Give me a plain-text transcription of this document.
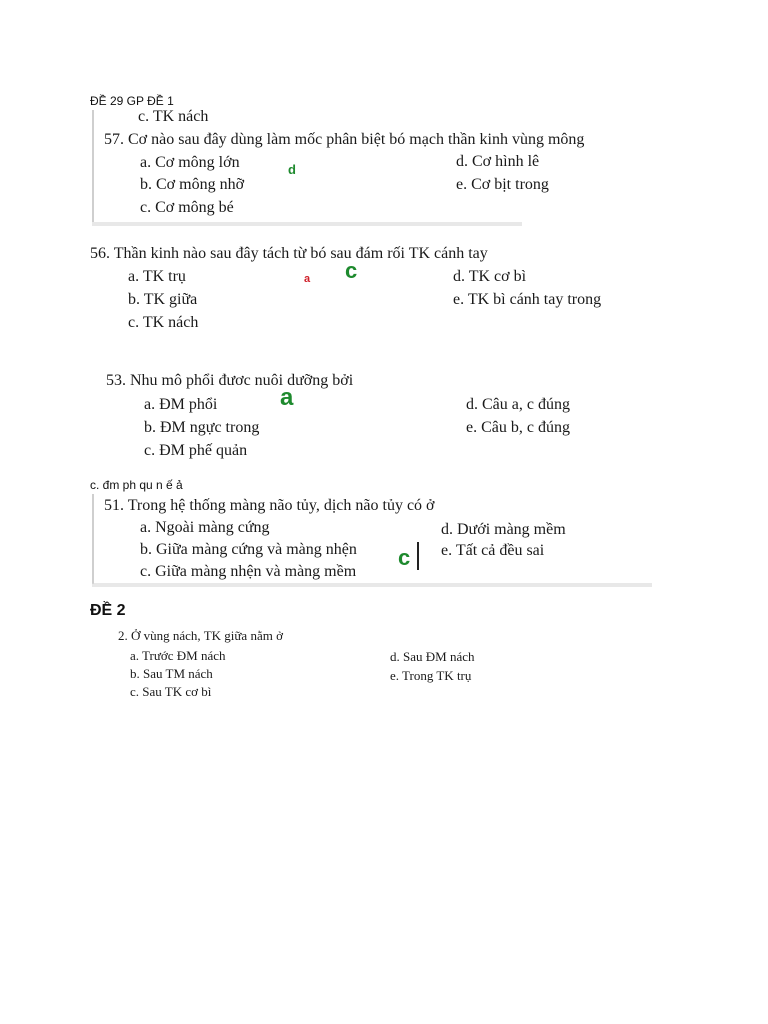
ĐỀ 29 GP ĐỀ 1
c. TK nách
57. Cơ nào sau đây dùng làm mốc phân biệt bó mạch thần kinh vùng mông
a. Cơ mông lớn
b. Cơ mông nhỡ
c. Cơ mông bé
d. Cơ hình lê
e. Cơ bịt trong
d
56. Thần kinh nào sau đây tách từ bó sau đám rối TK cánh tay
a. TK trụ
b. TK giữa
c. TK nách
d. TK cơ bì
e. TK bì cánh tay trong
a c
53. Nhu mô phổi đươc nuôi dưỡng bởi
a. ĐM phổi
b. ĐM ngực trong
c. ĐM phế quản
d. Câu a, c đúng
e. Câu b, c đúng
a
c. đm ph qu n ế ả
51. Trong hệ thống màng não tủy, dịch não tủy có ở
a. Ngoài màng cứng
b. Giữa màng cứng và màng nhện
c. Giữa màng nhện và màng mềm
d. Dưới màng mềm
e. Tất cả đều sai
c
ĐỀ 2
2. Ở vùng nách, TK giữa nằm ở
a. Trước ĐM nách
b. Sau TM nách
c. Sau TK cơ bì
d. Sau ĐM nách
e. Trong TK trụ
